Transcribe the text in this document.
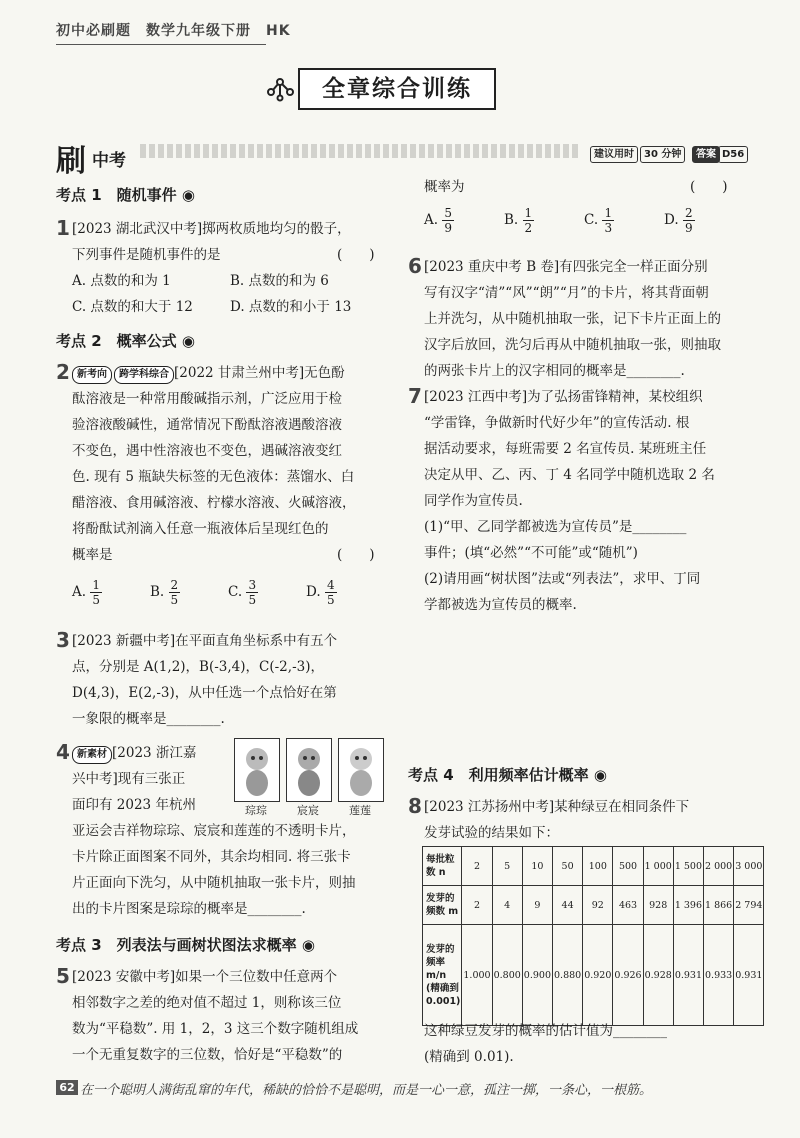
初中必刷题　 数学九年级下册　 HK
全章综合训练
刷 中考	建议用时	30 分钟	答案 D56
考点 1　随机事件 ◉
1 [2023 湖北武汉中考]掷两枚质地均匀的骰子，
下列事件是随机事件的是	(　　)
A. 点数的和为 1	B. 点数的和为 6
C. 点数的和大于 12	D. 点数的和小于 13
考点 2　概率公式 ◉
2 新考向 跨学科综合 [2022 甘肃兰州中考]无色酚
酞溶液是一种常用酸碱指示剂，广泛应用于检
验溶液酸碱性，通常情况下酚酞溶液遇酸溶液
不变色，遇中性溶液也不变色，遇碱溶液变红
色. 现有 5 瓶缺失标签的无色液体：蒸馏水、白
醋溶液、食用碱溶液、柠檬水溶液、火碱溶液，
将酚酞试剂滴入任意一瓶液体后呈现红色的
概率是	(　　)
A. $\frac{1}{5}$	B. $\frac{2}{5}$	C. $\frac{3}{5}$	D. $\frac{4}{5}$
3 [2023 新疆中考]在平面直角坐标系中有五个
点，分别是 A(1,2)，B(-3,4)，C(-2,-3)，
D(4,3)，E(2,-3)，从中任选一个点恰好在第
一象限的概率是________.
4 新素材 [2023 浙江嘉
兴中考]现有三张正
面印有 2023 年杭州	琮琮	宸宸	莲莲
亚运会吉祥物琮琮、宸宸和莲莲的不透明卡片，
卡片除正面图案不同外，其余均相同. 将三张卡
片正面向下洗匀，从中随机抽取一张卡片，则抽
出的卡片图案是琮琮的概率是________.
考点 3　列表法与画树状图法求概率 ◉
5 [2023 安徽中考]如果一个三位数中任意两个
相邻数字之差的绝对值不超过 1，则称该三位
数为“平稳数”. 用 1，2，3 这三个数字随机组成
一个无重复数字的三位数，恰好是“平稳数”的
概率为	(　　)
A. $\frac{5}{9}$	B. $\frac{1}{2}$	C. $\frac{1}{3}$	D. $\frac{2}{9}$
6 [2023 重庆中考 B 卷]有四张完全一样正面分别
写有汉字“清”“风”“朗”“月”的卡片，将其背面朝
上并洗匀，从中随机抽取一张，记下卡片正面上的
汉字后放回，洗匀后再从中随机抽取一张，则抽取
的两张卡片上的汉字相同的概率是________.
7 [2023 江西中考]为了弘扬雷锋精神，某校组织
“学雷锋，争做新时代好少年”的宣传活动. 根
据活动要求，每班需要 2 名宣传员. 某班班主任
决定从甲、乙、丙、丁 4 名同学中随机选取 2 名
同学作为宣传员.
(1)“甲、乙同学都被选为宣传员”是________
事件；(填“必然”“不可能”或“随机”)
(2)请用画“树状图”法或“列表法”，求甲、丁同
学都被选为宣传员的概率.
考点 4　利用频率估计概率 ◉
8 [2023 江苏扬州中考]某种绿豆在相同条件下
发芽试验的结果如下：
每批粒数 n	2	5	10	50	100	500	1 000	1 500	2 000	3 000
发芽的频数 m	2	4	9	44	92	463	928	1 396	1 866	2 794
发芽的频率 m/n (精确到 0.001)	1.000	0.800	0.900	0.880	0.920	0.926	0.928	0.931	0.933	0.931
这种绿豆发芽的概率的估计值为________
(精确到 0.01).
62 在一个聪明人满街乱窜的年代，稀缺的恰恰不是聪明，而是一心一意，孤注一掷，一条心，一根筋。
